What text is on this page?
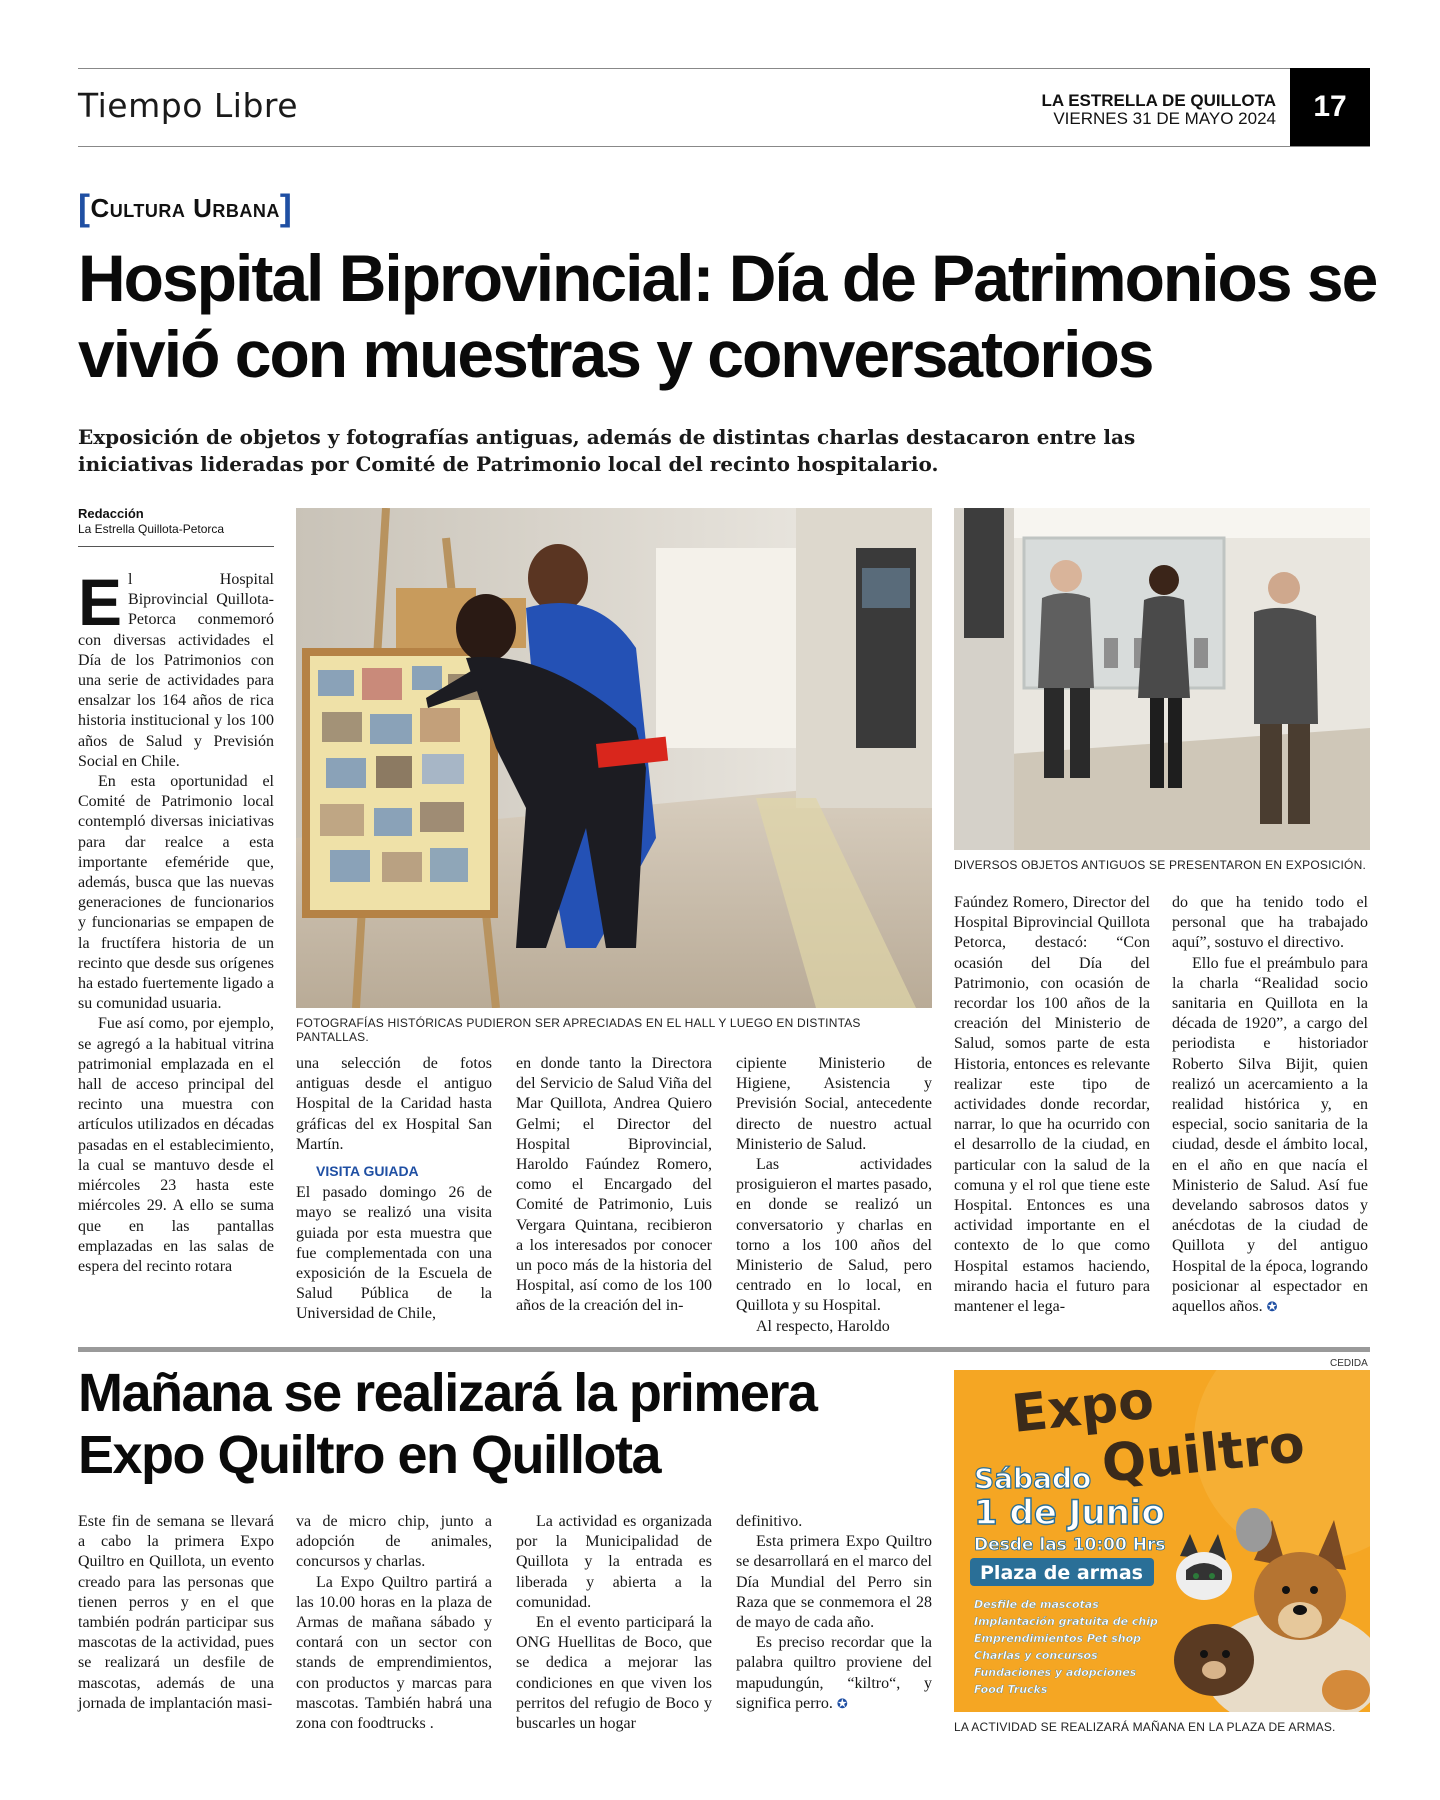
Tiempo Libre	LA ESTRELLA DE QUILLOTA
VIERNES 31 DE MAYO 2024	17
[Cultura Urbana]
Hospital Biprovincial: Día de Patrimonios se vivió con muestras y conversatorios
Exposición de objetos y fotografías antiguas, además de distintas charlas destacaron entre las iniciativas lideradas por Comité de Patrimonio local del recinto hospitalario.
Redacción
La Estrella Quillota-Petorca

El Hospital Biprovincial Quillota-Petorca conmemoró con diversas actividades el Día de los Patrimonios con una serie de actividades para ensalzar los 164 años de rica historia institucional y los 100 años de Salud y Previsión Social en Chile.

En esta oportunidad el Comité de Patrimonio local contempló diversas iniciativas para dar realce a esta importante efeméride que, además, busca que las nuevas generaciones de funcionarios y funcionarias se empapen de la fructífera historia de un recinto que desde sus orígenes ha estado fuertemente ligado a su comunidad usuaria.

Fue así como, por ejemplo, se agregó a la habitual vitrina patrimonial emplazada en el hall de acceso principal del recinto una muestra con artículos utilizados en décadas pasadas en el establecimiento, la cual se mantuvo desde el miércoles 23 hasta este miércoles 29. A ello se suma que en las pantallas emplazadas en las salas de espera del recinto rotara

FOTOGRAFÍAS HISTÓRICAS PUDIERON SER APRECIADAS EN EL HALL Y LUEGO EN DISTINTAS PANTALLAS.
DIVERSOS OBJETOS ANTIGUOS SE PRESENTARON EN EXPOSICIÓN.

una selección de fotos antiguas desde el antiguo Hospital de la Caridad hasta gráficas del ex Hospital San Martín.

VISITA GUIADA

El pasado domingo 26 de mayo se realizó una visita guiada por esta muestra que fue complementada con una exposición de la Escuela de Salud Pública de la Universidad de Chile,

en donde tanto la Directora del Servicio de Salud Viña del Mar Quillota, Andrea Quiero Gelmi; el Director del Hospital Biprovincial, Haroldo Faúndez Romero, como el Encargado del Comité de Patrimonio, Luis Vergara Quintana, recibieron a los interesados por conocer un poco más de la historia del Hospital, así como de los 100 años de la creación del in-

cipiente Ministerio de Higiene, Asistencia y Previsión Social, antecedente directo de nuestro actual Ministerio de Salud.

Las actividades prosiguieron el martes pasado, en donde se realizó un conversatorio y charlas en torno a los 100 años del Ministerio de Salud, pero centrado en lo local, en Quillota y su Hospital.

Al respecto, Haroldo

Faúndez Romero, Director del Hospital Biprovincial Quillota Petorca, destacó: “Con ocasión del Día del Patrimonio, con ocasión de recordar los 100 años de la creación del Ministerio de Salud, somos parte de esta Historia, entonces es relevante realizar este tipo de actividades donde recordar, narrar, lo que ha ocurrido con el desarrollo de la ciudad, en particular con la salud de la comuna y el rol que tiene este Hospital. Entonces es una actividad importante en el contexto de lo que como Hospital estamos haciendo, mirando hacia el futuro para mantener el lega-

do que ha tenido todo el personal que ha trabajado aquí”, sostuvo el directivo.

Ello fue el preámbulo para la charla “Realidad socio sanitaria en Quillota en la década de 1920”, a cargo del periodista e historiador Roberto Silva Bijit, quien realizó un acercamiento a la realidad histórica y, en especial, socio sanitaria de la ciudad, desde el ámbito local, en el año en que nacía el Ministerio de Salud. Así fue develando sabrosos datos y anécdotas de la ciudad de Quillota y del antiguo Hospital de la época, logrando posicionar al espectador en aquellos años. ✪

CEDIDA
Mañana se realizará la primera Expo Quiltro en Quillota

Este fin de semana se llevará a cabo la primera Expo Quiltro en Quillota, un evento creado para las personas que tienen perros y en el que también podrán participar sus mascotas de la actividad, pues se realizará un desfile de mascotas, además de una jornada de implantación masi-

va de micro chip, junto a adopción de animales, concursos y charlas.

La Expo Quiltro partirá a las 10.00 horas en la plaza de Armas de mañana sábado y contará con un sector con stands de emprendimientos, con productos y marcas para mascotas. También habrá una zona con foodtrucks .

La actividad es organizada por la Municipalidad de Quillota y la entrada es liberada y abierta a la comunidad.

En el evento participará la ONG Huellitas de Boco, que se dedica a mejorar las condiciones en que viven los perritos del refugio de Boco y buscarles un hogar

definitivo.

Esta primera Expo Quiltro se desarrollará en el marco del Día Mundial del Perro sin Raza que se conmemora el 28 de mayo de cada año.

Es preciso recordar que la palabra quiltro proviene del mapudungún, “kiltro“, y significa perro. ✪

Expo
Quiltro
Sábado
1 de Junio
Desde las 10:00 Hrs
Plaza de armas
Desfile de mascotas
Implantación gratuita de chip
Emprendimientos Pet shop
Charlas y concursos
Fundaciones y adopciones
Food Trucks
LA ACTIVIDAD SE REALIZARÁ MAÑANA EN LA PLAZA DE ARMAS.
